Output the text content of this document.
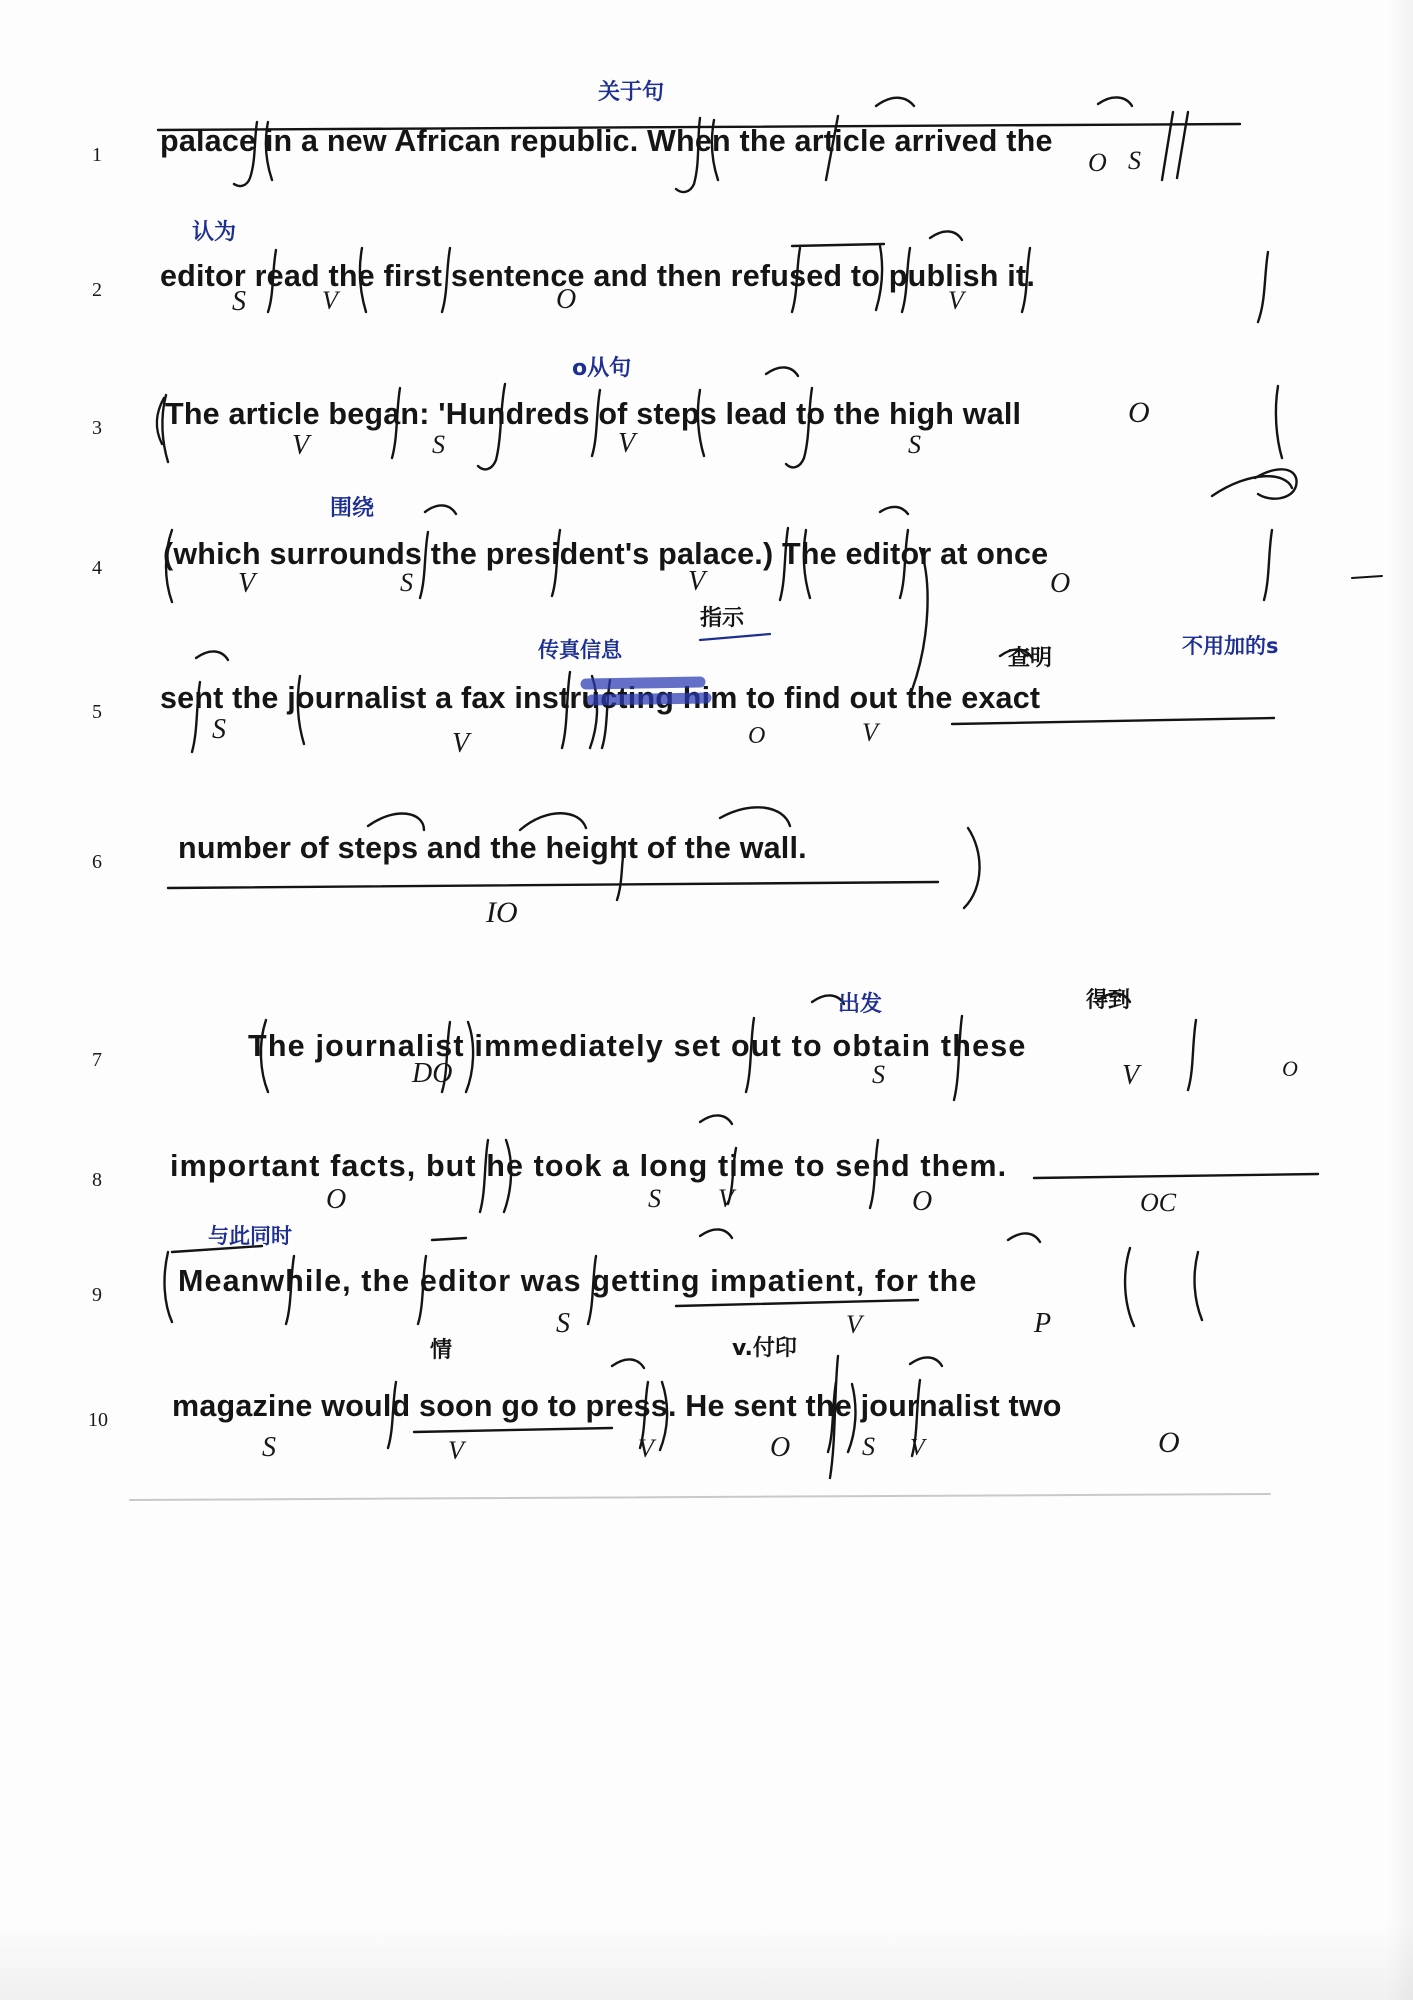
1 palace in a new African republic. When the article arrived the
2 editor read the first sentence and then refused to publish it.
3 The article began: 'Hundreds of steps lead to the high wall
4 (which surrounds the president's palace.) The editor at once
5 sent the journalist a fax instructing him to find out the exact
6 number of steps and the height of the wall.
7	The journalist immediately set out to obtain these
8 important facts, but he took a long time to send them.
9 Meanwhile, the editor was getting impatient, for the
10 magazine would soon go to press. He sent the journalist two
O S
S	V	O	V
O
V	S	V	S
V	S	V	O
S	V	O	V
IO
DO	S	V	O
O	S V	O	OC
S	V	P
S	V	V	O	S V	O
关于句
认为
o从句
围绕
传真信息
指示
查明	不用加的s
出发	得到
与此同时
情	v.付印
